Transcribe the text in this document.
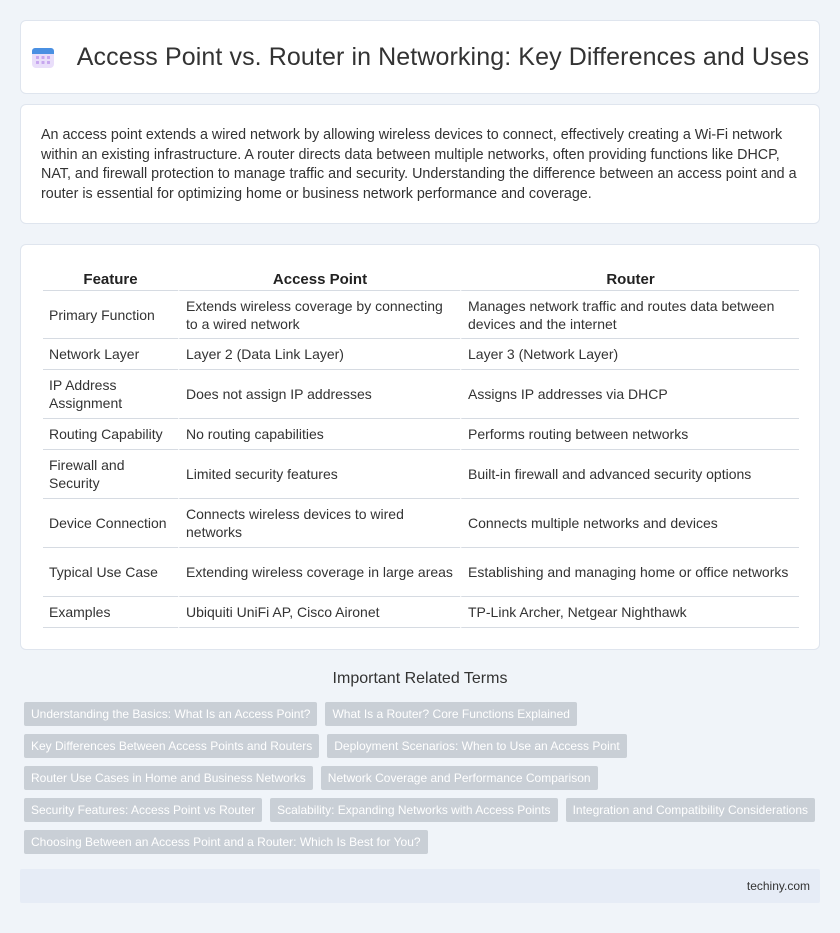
Access Point vs. Router in Networking: Key Differences and Uses

An access point extends a wired network by allowing wireless devices to connect, effectively creating a Wi-Fi network within an existing infrastructure. A router directs data between multiple networks, often providing functions like DHCP, NAT, and firewall protection to manage traffic and security. Understanding the difference between an access point and a router is essential for optimizing home or business network performance and coverage.

Feature	Access Point	Router
Primary Function	Extends wireless coverage by connecting to a wired network	Manages network traffic and routes data between devices and the internet
Network Layer	Layer 2 (Data Link Layer)	Layer 3 (Network Layer)
IP Address Assignment	Does not assign IP addresses	Assigns IP addresses via DHCP
Routing Capability	No routing capabilities	Performs routing between networks
Firewall and Security	Limited security features	Built-in firewall and advanced security options
Device Connection	Connects wireless devices to wired networks	Connects multiple networks and devices
Typical Use Case	Extending wireless coverage in large areas	Establishing and managing home or office networks
Examples	Ubiquiti UniFi AP, Cisco Aironet	TP-Link Archer, Netgear Nighthawk
Important Related Terms
Understanding the Basics: What Is an Access Point?	What Is a Router? Core Functions Explained
Key Differences Between Access Points and Routers	Deployment Scenarios: When to Use an Access Point
Router Use Cases in Home and Business Networks	Network Coverage and Performance Comparison
Security Features: Access Point vs Router	Scalability: Expanding Networks with Access Points	Integration and Compatibility Considerations
Choosing Between an Access Point and a Router: Which Is Best for You?
techiny.com
